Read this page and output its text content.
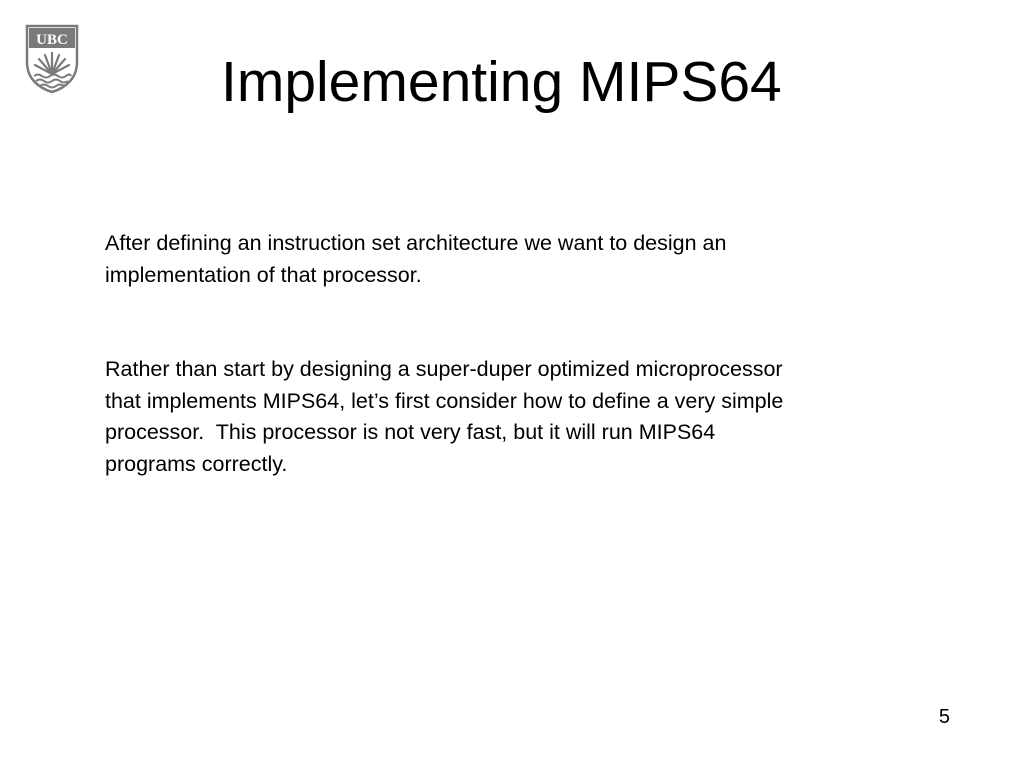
UBC
Implementing MIPS64

After defining an instruction set architecture we want to design an
implementation of that processor.

Rather than start by designing a super-duper optimized microprocessor
that implements MIPS64, let’s first consider how to define a very simple
processor.  This processor is not very fast, but it will run MIPS64
programs correctly.

5
